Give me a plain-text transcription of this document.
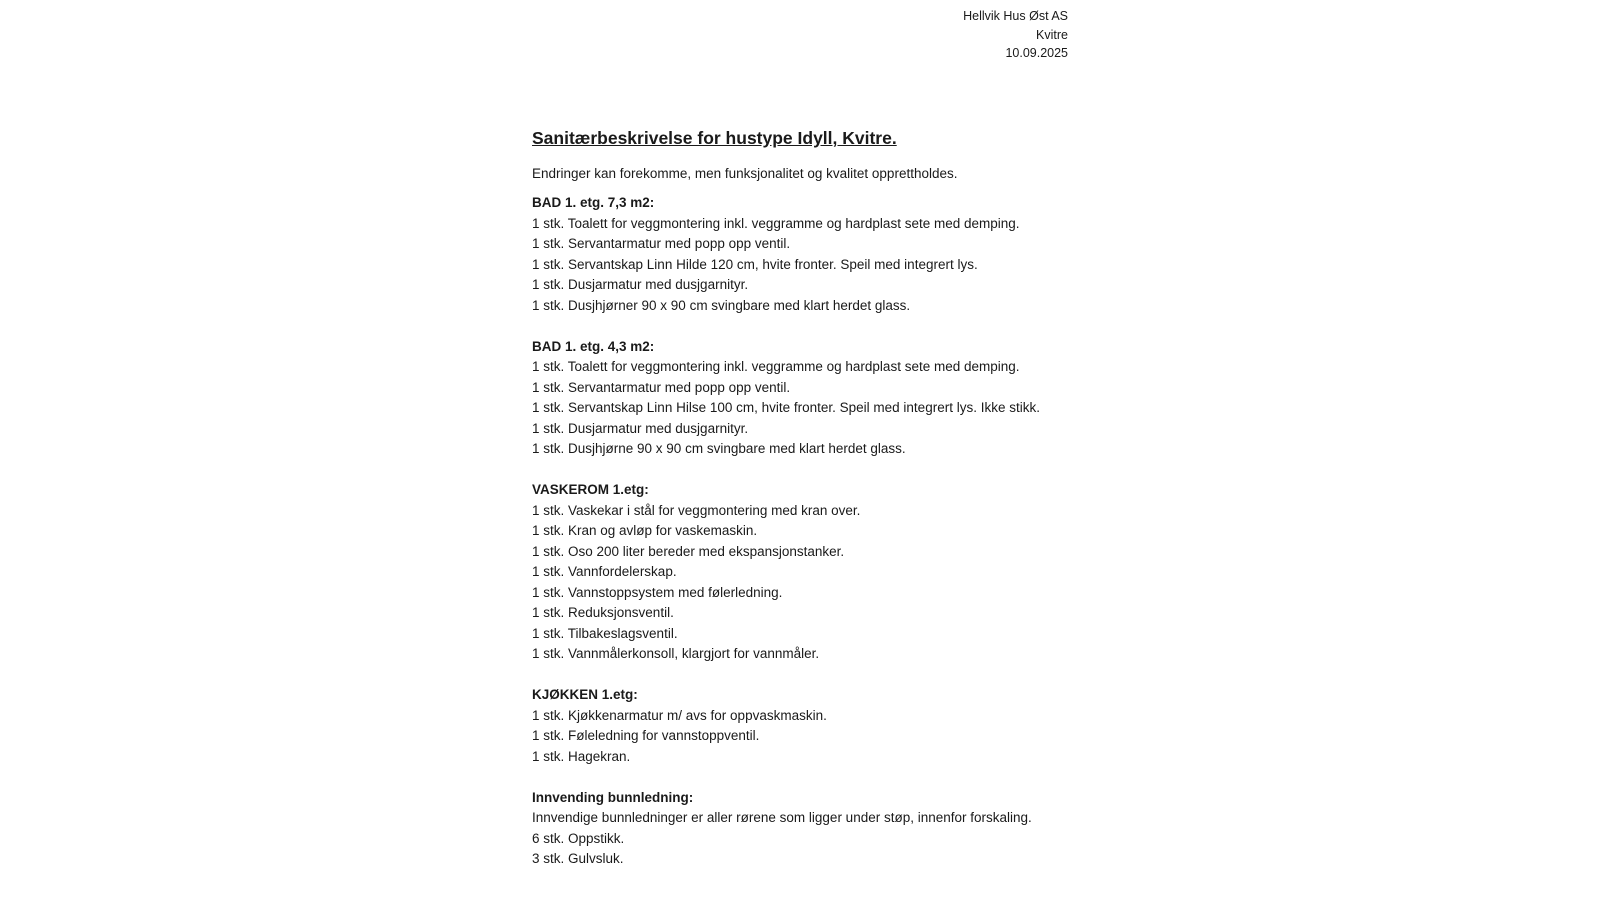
Hellvik Hus Øst AS
Kvitre
10.09.2025
Sanitærbeskrivelse for hustype Idyll, Kvitre.
Endringer kan forekomme, men funksjonalitet og kvalitet opprettholdes.
BAD 1. etg. 7,3 m2:
1 stk. Toalett for veggmontering inkl. veggramme og hardplast sete med demping.
1 stk. Servantarmatur med popp opp ventil.
1 stk. Servantskap Linn Hilde 120 cm, hvite fronter. Speil med integrert lys.
1 stk. Dusjarmatur med dusjgarnityr.
1 stk. Dusjhjørner 90 x 90 cm svingbare med klart herdet glass.
BAD 1. etg. 4,3 m2:
1 stk. Toalett for veggmontering inkl. veggramme og hardplast sete med demping.
1 stk. Servantarmatur med popp opp ventil.
1 stk. Servantskap Linn Hilse 100 cm, hvite fronter. Speil med integrert lys. Ikke stikk.
1 stk. Dusjarmatur med dusjgarnityr.
1 stk. Dusjhjørne 90 x 90 cm svingbare med klart herdet glass.
VASKEROM 1.etg:
1 stk. Vaskekar i stål for veggmontering med kran over.
1 stk. Kran og avløp for vaskemaskin.
1 stk. Oso 200 liter bereder med ekspansjonstanker.
1 stk. Vannfordelerskap.
1 stk. Vannstoppsystem med følerledning.
1 stk. Reduksjonsventil.
1 stk. Tilbakeslagsventil.
1 stk. Vannmålerkonsoll, klargjort for vannmåler.
KJØKKEN 1.etg:
1 stk. Kjøkkenarmatur m/ avs for oppvaskmaskin.
1 stk. Føleledning for vannstoppventil.
1 stk. Hagekran.
Innvending bunnledning:
Innvendige bunnledninger er aller rørene som ligger under støp, innenfor forskaling.
6 stk. Oppstikk.
3 stk. Gulvsluk.
